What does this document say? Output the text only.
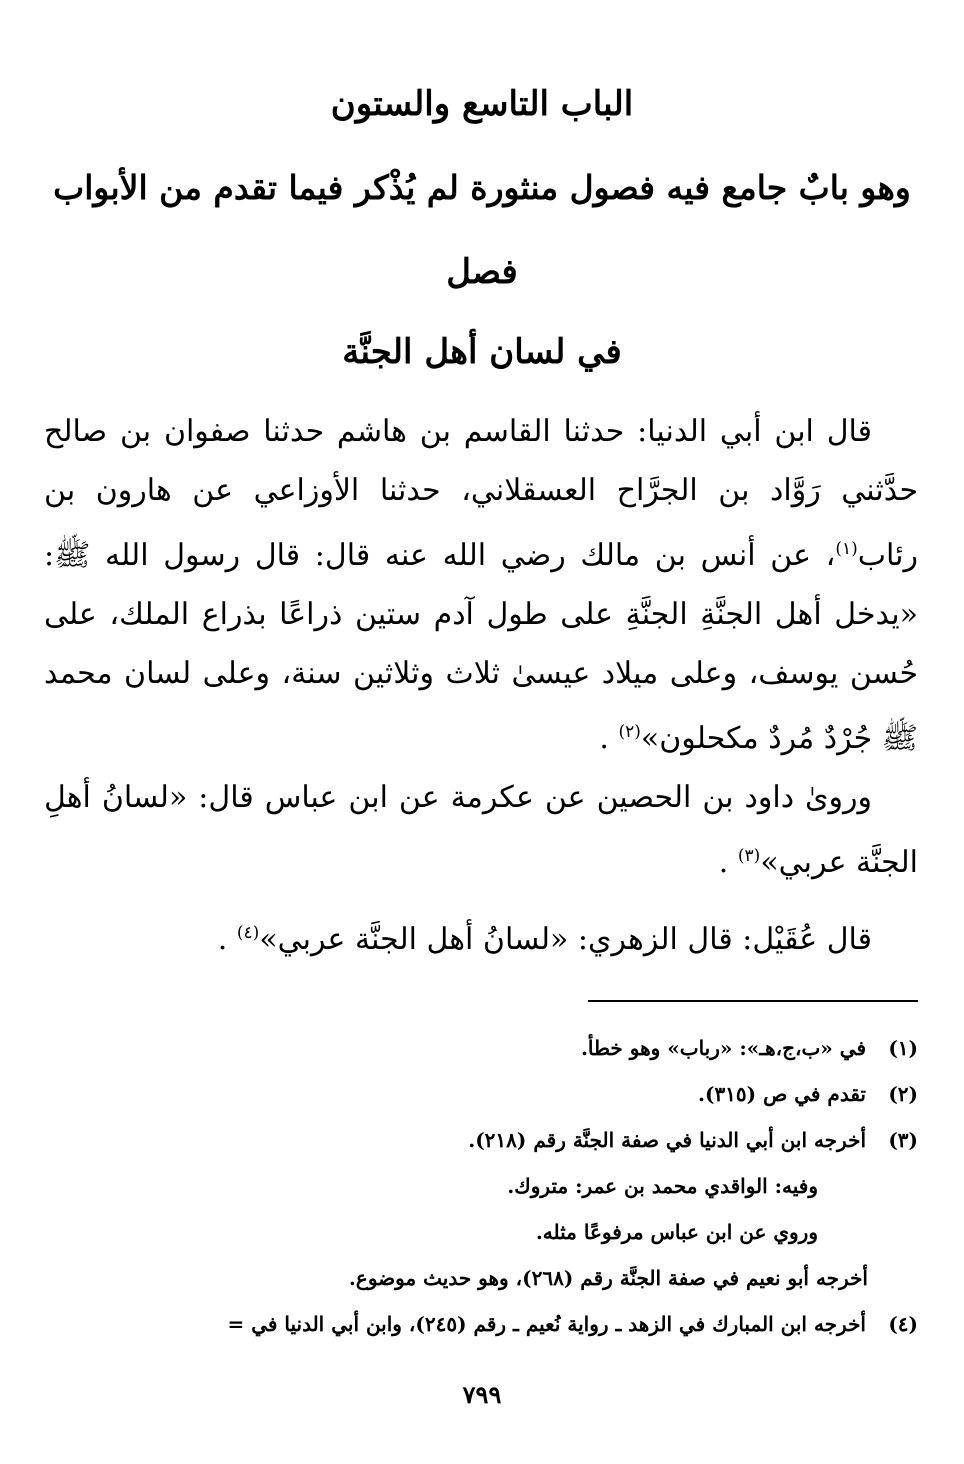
الباب التاسع والستون
وهو بابٌ جامع فيه فصول منثورة لم يُذْكر فيما تقدم من الأبواب
فصل
في لسان أهل الجنَّة
قال ابن أبي الدنيا: حدثنا القاسم بن هاشم حدثنا صفوان بن صالح حدَّثني رَوَّاد بن الجرَّاح العسقلاني، حدثنا الأوزاعي عن هارون بن رئاب$^{(١)}$، عن أنس بن مالك رضي الله عنه قال: قال رسول الله ﷺ: «يدخل أهل الجنَّةِ الجنَّةِ على طول آدم ستين ذراعًا بذراع الملك، على حُسن يوسف، وعلى ميلاد عيسىٰ ثلاث وثلاثين سنة، وعلى لسان محمد ﷺ جُرْدٌ مُردٌ مكحلون»$^{(٢)}$ .
وروىٰ داود بن الحصين عن عكرمة عن ابن عباس قال: «لسانُ أهلِ الجنَّة عربي»$^{(٣)}$ .
قال عُقَيْل: قال الزهري: «لسانُ أهل الجنَّة عربي»$^{(٤)}$ .
(١)في «ب،ج،هـ»: «رباب» وهو خطأ.
(٢)تقدم في ص (٣١٥).
(٣)أخرجه ابن أبي الدنيا في صفة الجنَّة رقم (٢١٨).
وفيه: الواقدي محمد بن عمر: متروك.
وروي عن ابن عباس مرفوعًا مثله.
أخرجه أبو نعيم في صفة الجنَّة رقم (٢٦٨)، وهو حديث موضوع.
(٤)أخرجه ابن المبارك في الزهد ـ رواية نُعيم ـ رقم (٢٤٥)، وابن أبي الدنيا في =
٧٩٩
